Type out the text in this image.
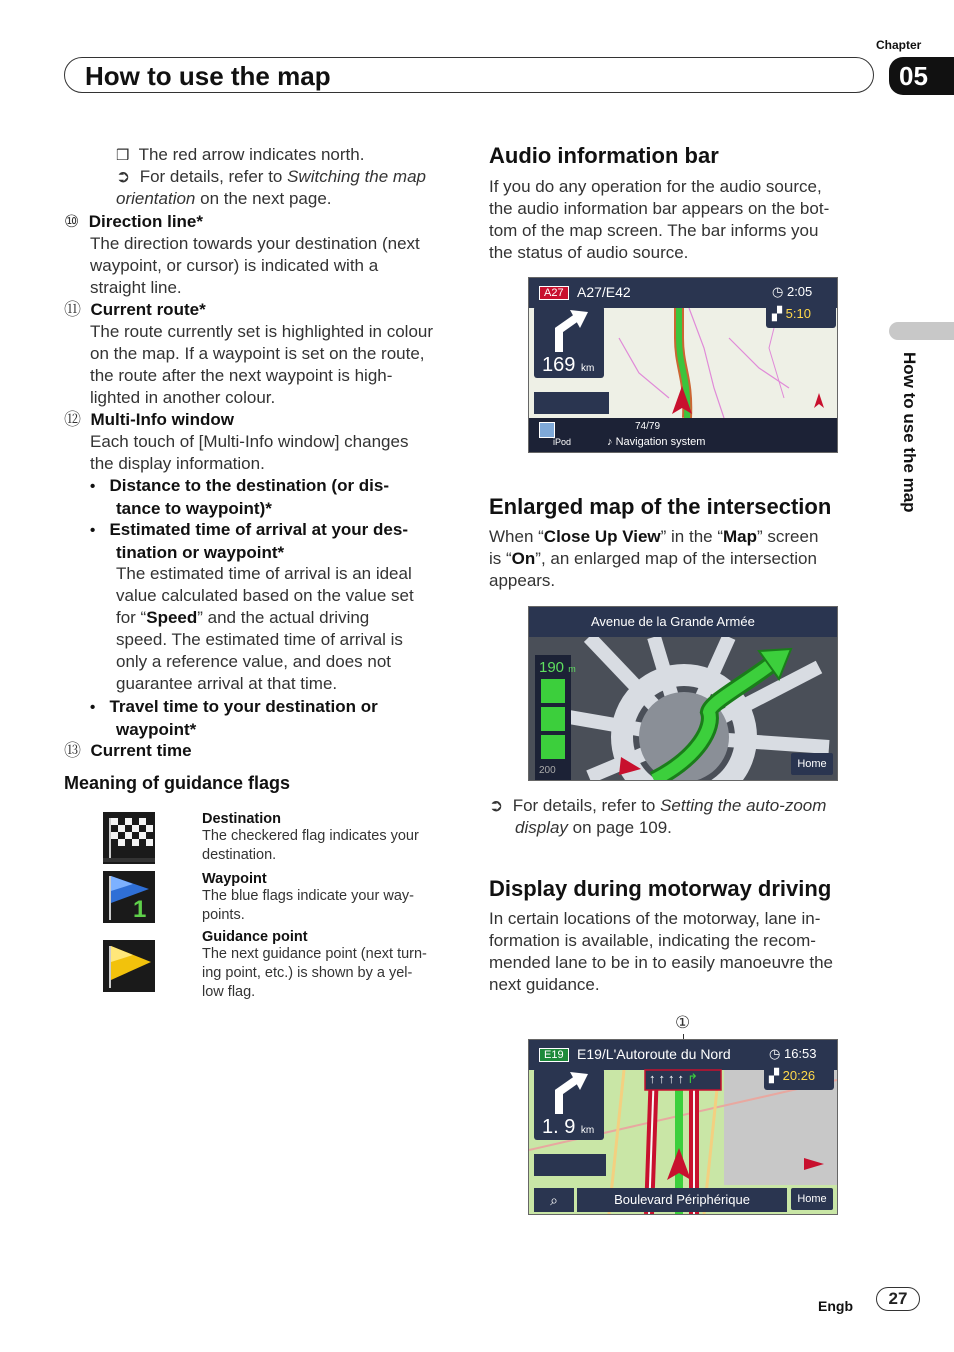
Chapter
05
How to use the map
How to use the map
❒ The red arrow indicates north.
➲ For details, refer to Switching the map orientation on the next page.
⑩ Direction line*
The direction towards your destination (next
waypoint, or cursor) is indicated with a
straight line.
⑪ Current route*
The route currently set is highlighted in colour
on the map. If a waypoint is set on the route,
the route after the next waypoint is high-
lighted in another colour.
⑫ Multi-Info window
Each touch of [Multi-Info window] changes
the display information.
• Distance to the destination (or dis-
tance to waypoint)*
• Estimated time of arrival at your des-
tination or waypoint*
The estimated time of arrival is an ideal
value calculated based on the value set
for “Speed” and the actual driving
speed. The estimated time of arrival is
only a reference value, and does not
guarantee arrival at that time.
• Travel time to your destination or
waypoint*
⑬ Current time
Meaning of guidance flags
1
Destination
The checkered flag indicates your
destination.
Waypoint
The blue flags indicate your way-
points.
Guidance point
The next guidance point (next turn-
ing point, etc.) is shown by a yel-
low flag.
Audio information bar
If you do any operation for the audio source,
the audio information bar appears on the bot-
tom of the map screen. The bar informs you
the status of audio source.
A27 A27/E42	◷ 2:05
▞ 5:10
169 km
iPod
74/79
♪ Navigation system
Enlarged map of the intersection
When “Close Up View” in the “Map” screen
is “On”, an enlarged map of the intersection
appears.
Avenue de la Grande Armée
190 m
200
Home
➲ For details, refer to Setting the auto-zoom
display on page 109.
Display during motorway driving
In certain locations of the motorway, lane in-
formation is available, indicating the recom-
mended lane to be in to easily manoeuvre the
next guidance.
①
E19 E19/L'Autoroute du Nord	◷ 16:53
▞ 20:26
↑↑↑↑↱
1. 9 km
⌕	Boulevard Périphérique	Home
Engb	27
